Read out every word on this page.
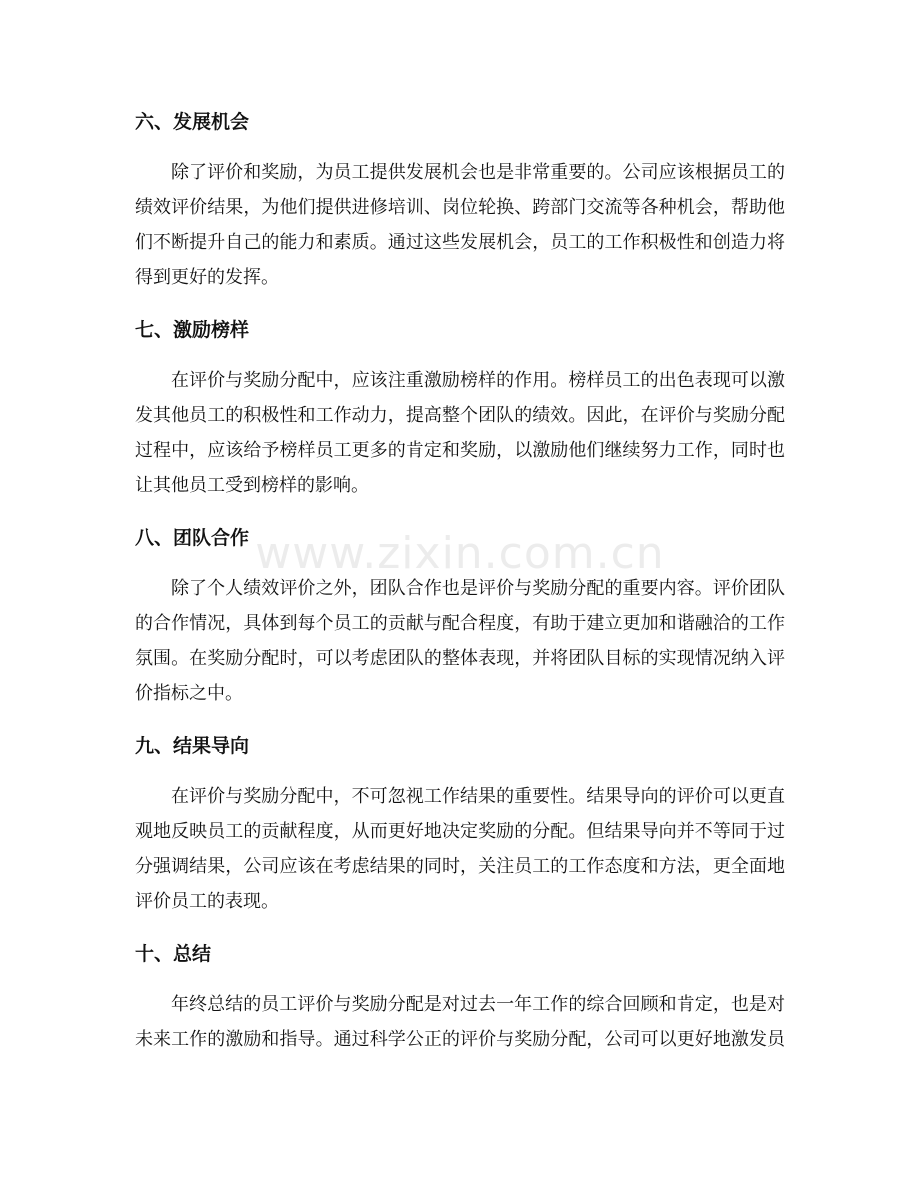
www.zixin.com.cn
六、发展机会
除了评价和奖励，为员工提供发展机会也是非常重要的。公司应该根据员工的
绩效评价结果，为他们提供进修培训、岗位轮换、跨部门交流等各种机会，帮助他
们不断提升自己的能力和素质。通过这些发展机会，员工的工作积极性和创造力将
得到更好的发挥。
七、激励榜样
在评价与奖励分配中，应该注重激励榜样的作用。榜样员工的出色表现可以激
发其他员工的积极性和工作动力，提高整个团队的绩效。因此，在评价与奖励分配
过程中，应该给予榜样员工更多的肯定和奖励，以激励他们继续努力工作，同时也
让其他员工受到榜样的影响。
八、团队合作
除了个人绩效评价之外，团队合作也是评价与奖励分配的重要内容。评价团队
的合作情况，具体到每个员工的贡献与配合程度，有助于建立更加和谐融洽的工作
氛围。在奖励分配时，可以考虑团队的整体表现，并将团队目标的实现情况纳入评
价指标之中。
九、结果导向
在评价与奖励分配中，不可忽视工作结果的重要性。结果导向的评价可以更直
观地反映员工的贡献程度，从而更好地决定奖励的分配。但结果导向并不等同于过
分强调结果，公司应该在考虑结果的同时，关注员工的工作态度和方法，更全面地
评价员工的表现。
十、总结
年终总结的员工评价与奖励分配是对过去一年工作的综合回顾和肯定，也是对
未来工作的激励和指导。通过科学公正的评价与奖励分配，公司可以更好地激发员
